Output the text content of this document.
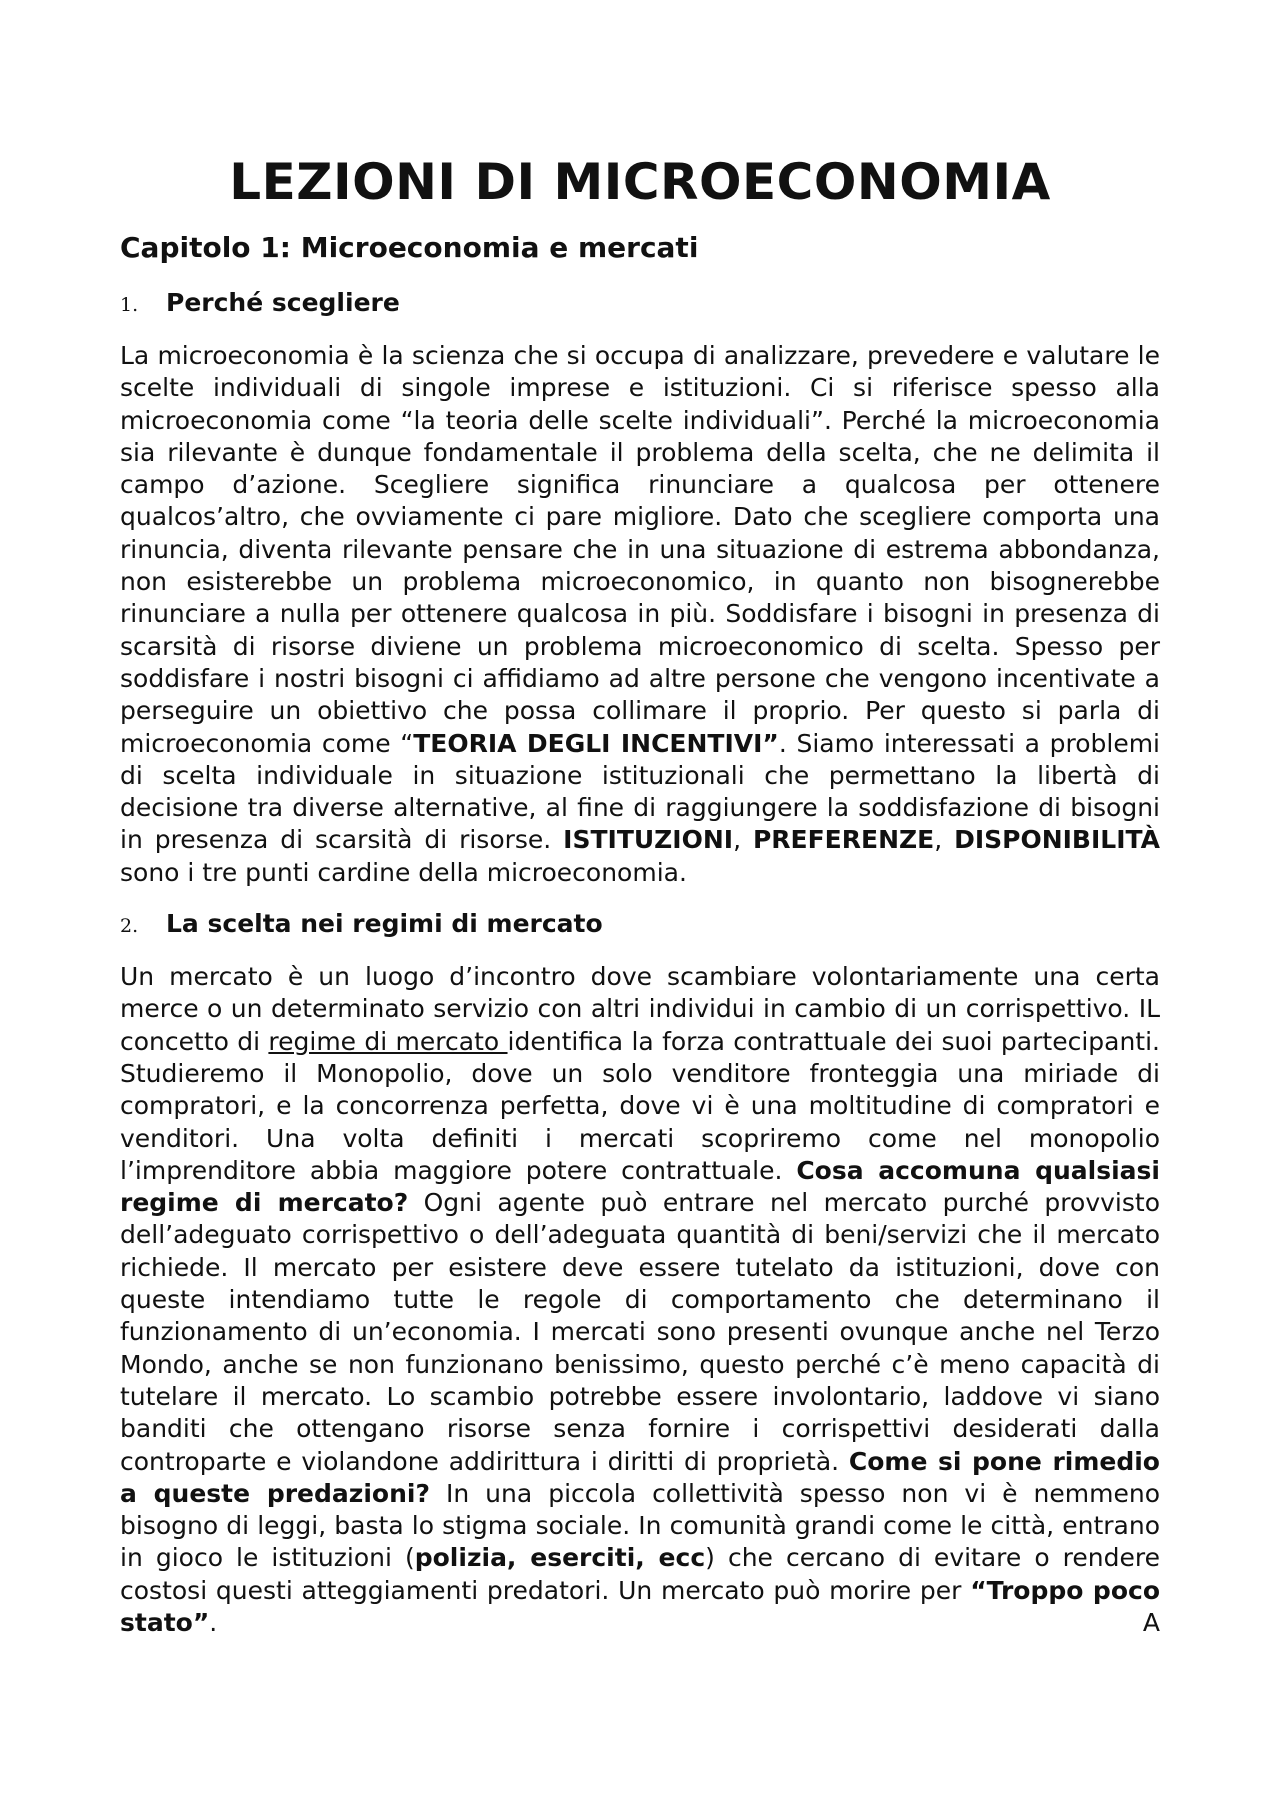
LEZIONI DI MICROECONOMIA
Capitolo 1: Microeconomia e mercati
1.	Perché scegliere

La microeconomia è la scienza che si occupa di analizzare, prevedere e valutare le scelte individuali di singole imprese e istituzioni. Ci si riferisce spesso alla microeconomia come “la teoria delle scelte individuali”. Perché la microeconomia sia rilevante è dunque fondamentale il problema della scelta, che ne delimita il campo d’azione. Scegliere significa rinunciare a qualcosa per ottenere qualcos’altro, che ovviamente ci pare migliore. Dato che scegliere comporta una rinuncia, diventa rilevante pensare che in una situazione di estrema abbondanza, non esisterebbe un problema microeconomico, in quanto non bisognerebbe rinunciare a nulla per ottenere qualcosa in più. Soddisfare i bisogni in presenza di scarsità di risorse diviene un problema microeconomico di scelta. Spesso per soddisfare i nostri bisogni ci affidiamo ad altre persone che vengono incentivate a perseguire un obiettivo che possa collimare il proprio. Per questo si parla di microeconomia come “TEORIA DEGLI INCENTIVI”. Siamo interessati a problemi di scelta individuale in situazione istituzionali che permettano la libertà di decisione tra diverse alternative, al fine di raggiungere la soddisfazione di bisogni in presenza di scarsità di risorse. ISTITUZIONI, PREFERENZE, DISPONIBILITÀ sono i tre punti cardine della microeconomia.

2.	La scelta nei regimi di mercato

Un mercato è un luogo d’incontro dove scambiare volontariamente una certa merce o un determinato servizio con altri individui in cambio di un corrispettivo. IL concetto di regime di mercato identifica la forza contrattuale dei suoi partecipanti. Studieremo il Monopolio, dove un solo venditore fronteggia una miriade di compratori, e la concorrenza perfetta, dove vi è una moltitudine di compratori e venditori. Una volta definiti i mercati scopriremo come nel monopolio l’imprenditore abbia maggiore potere contrattuale. Cosa accomuna qualsiasi regime di mercato? Ogni agente può entrare nel mercato purché provvisto dell’adeguato corrispettivo o dell’adeguata quantità di beni/servizi che il mercato richiede. Il mercato per esistere deve essere tutelato da istituzioni, dove con queste intendiamo tutte le regole di comportamento che determinano il funzionamento di un’economia. I mercati sono presenti ovunque anche nel Terzo Mondo, anche se non funzionano benissimo, questo perché c’è meno capacità di tutelare il mercato. Lo scambio potrebbe essere involontario, laddove vi siano banditi che ottengano risorse senza fornire i corrispettivi desiderati dalla controparte e violandone addirittura i diritti di proprietà. Come si pone rimedio a queste predazioni? In una piccola collettività spesso non vi è nemmeno bisogno di leggi, basta lo stigma sociale. In comunità grandi come le città, entrano in gioco le istituzioni (polizia, eserciti, ecc) che cercano di evitare o rendere costosi questi atteggiamenti predatori. Un mercato può morire per “Troppo poco stato”. A
